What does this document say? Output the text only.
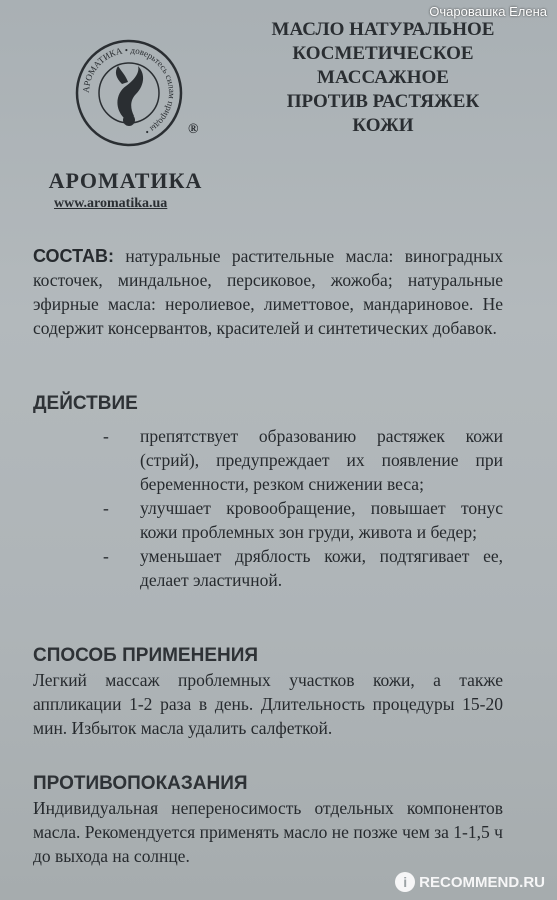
Очаровашка Елена
АРОМАТИКА • доверьтесь силам природы •	®
АРОМАТИКА
www.aromatika.ua
МАСЛО НАТУРАЛЬНОЕ
КОСМЕТИЧЕСКОЕ
МАССАЖНОЕ
ПРОТИВ РАСТЯЖЕК
КОЖИ
СОСТАВ: натуральные растительные масла: виноградных косточек, миндальное, персиковое, жожоба; натуральные эфирные масла: неролиевое, лиметтовое, мандариновое. Не содержит консервантов, красителей и синтетических добавок.
ДЕЙСТВИЕ
- препятствует образованию растяжек кожи (стрий), предупреждает их появление при беременности, резком снижении веса;
- улучшает кровообращение, повышает тонус кожи проблемных зон груди, живота и бедер;
- уменьшает дряблость кожи, подтягивает ее, делает эластичной.
СПОСОБ ПРИМЕНЕНИЯ
Легкий массаж проблемных участков кожи, а также аппликации 1-2 раза в день. Длительность процедуры 15-20 мин. Избыток масла удалить салфеткой.
ПРОТИВОПОКАЗАНИЯ
Индивидуальная непереносимость отдельных компонентов масла. Рекомендуется применять масло не позже чем за 1-1,5 ч до выхода на солнце.
i RECOMMEND.RU
